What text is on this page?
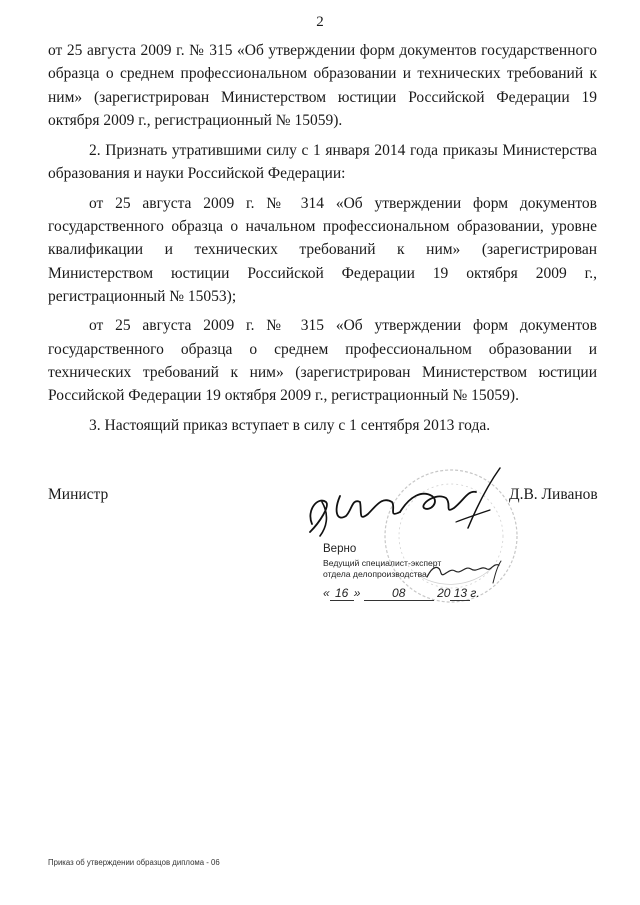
2

от 25 августа 2009 г. № 315 «Об утверждении форм документов государственного образца о среднем профессиональном образовании и технических требований к ним» (зарегистрирован Министерством юстиции Российской Федерации 19 октября 2009 г., регистрационный № 15059).

2. Признать утратившими силу с 1 января 2014 года приказы Министерства образования и науки Российской Федерации:

от 25 августа 2009 г. № 314 «Об утверждении форм документов государственного образца о начальном профессиональном образовании, уровне квалификации и технических требований к ним» (зарегистрирован Министерством юстиции Российской Федерации 19 октября 2009 г., регистрационный № 15053);

от 25 августа 2009 г. № 315 «Об утверждении форм документов государственного образца о среднем профессиональном образовании и технических требований к ним» (зарегистрирован Министерством юстиции Российской Федерации 19 октября 2009 г., регистрационный № 15059).

3. Настоящий приказ вступает в силу с 1 сентября 2013 года.

Министр	Д.В. Ливанов
Верно
Ведущий специалист-эксперт
отдела делопроизводства
« 16 »	08	20 13 г.
Приказ об утверждении образцов диплома - 06
